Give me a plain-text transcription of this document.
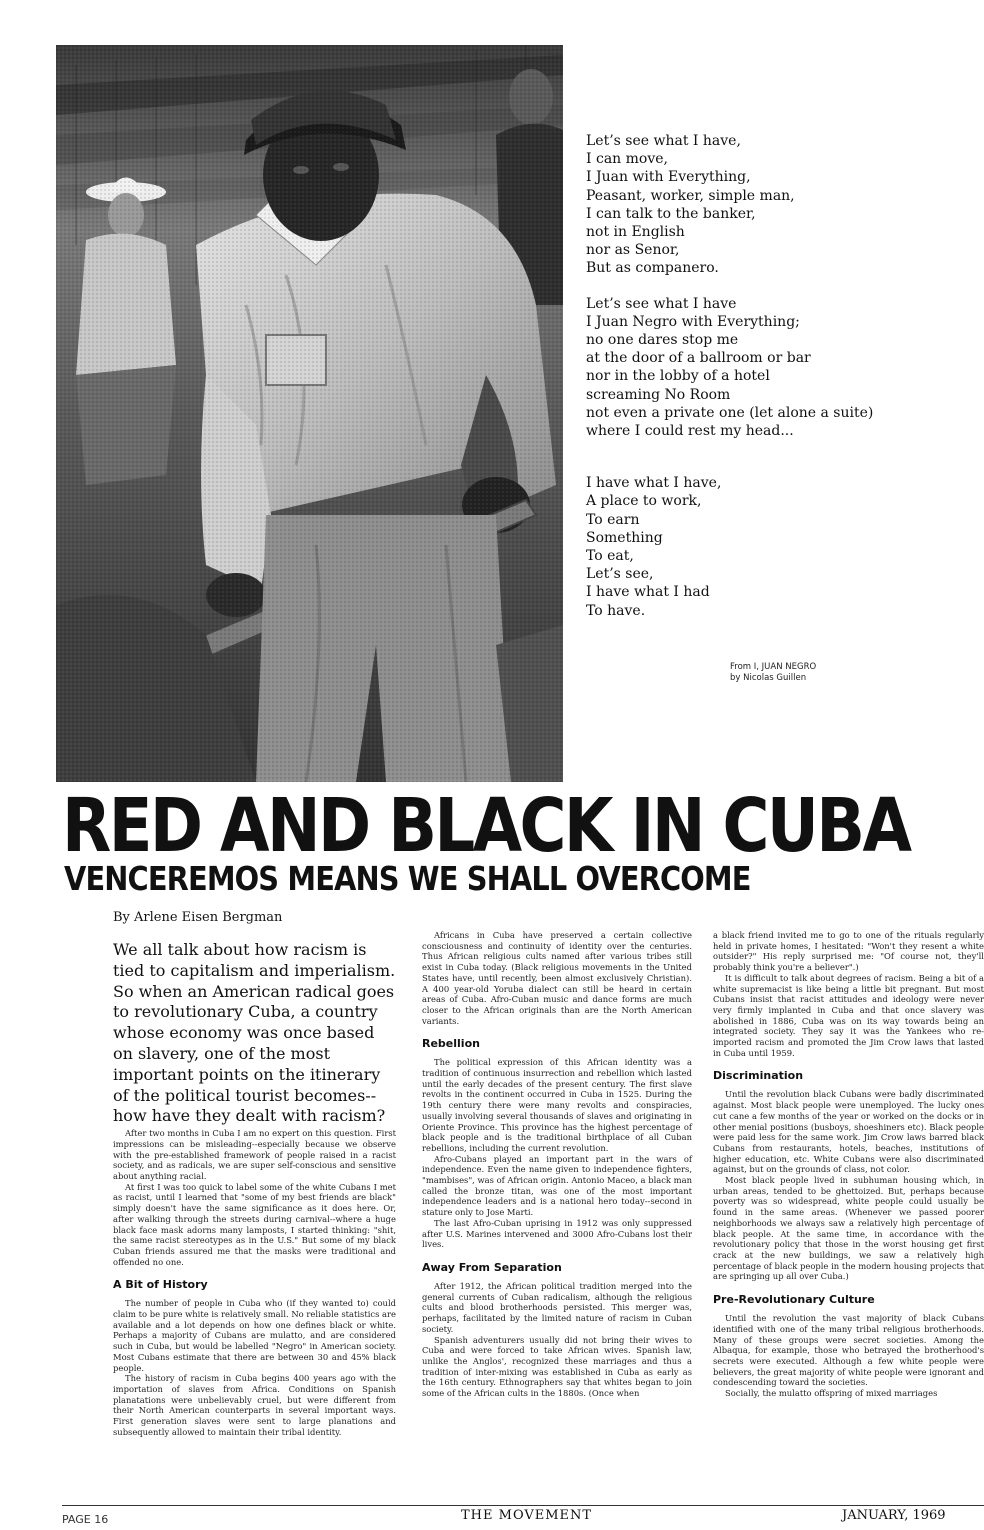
Let’s see what I have,
I can move,
I Juan with Everything,
Peasant, worker, simple man,
I can talk to the banker,
not in English
nor as Senor,
But as companero.
Let’s see what I have
I Juan Negro with Everything;
no one dares stop me
at the door of a ballroom or bar
nor in the lobby of a hotel
screaming No Room
not even a private one (let alone a suite)
where I could rest my head...
I have what I have,
A place to work,
To earn
Something
To eat,
Let’s see,
I have what I had
To have.
From I, JUAN NEGRO
by Nicolas Guillen
RED AND BLACK IN CUBA
VENCEREMOS MEANS WE SHALL OVERCOME
By Arlene Eisen Bergman
We all talk about how racism is tied to capitalism and imperialism. So when an American radical goes to revolutionary Cuba, a country whose economy was once based on slavery, one of the most important points on the itinerary of the political tourist becomes--how have they dealt with racism?

After two months in Cuba I am no expert on this question. First impressions can be misleading--especially because we observe with the pre-established framework of people raised in a racist society, and as radicals, we are super self-conscious and sensitive about anything racial.

At first I was too quick to label some of the white Cubans I met as racist, until I learned that "some of my best friends are black" simply doesn't have the same significance as it does here. Or, after walking through the streets during carnival--where a huge black face mask adorns many lamposts, I started thinking: "shit, the same racist stereotypes as in the U.S." But some of my black Cuban friends assured me that the masks were traditional and offended no one.

A Bit of History

The number of people in Cuba who (if they wanted to) could claim to be pure white is relatively small. No reliable statistics are available and a lot depends on how one defines black or white. Perhaps a majority of Cubans are mulatto, and are considered such in Cuba, but would be labelled "Negro" in American society. Most Cubans estimate that there are between 30 and 45% black people.

The history of racism in Cuba begins 400 years ago with the importation of slaves from Africa. Conditions on Spanish planatations were unbelievably cruel, but were different from their North American counterparts in several important ways. First generation slaves were sent to large planations and subsequently allowed to maintain their tribal identity.

Africans in Cuba have preserved a certain collective consciousness and continuity of identity over the centuries. Thus African religious cults named after various tribes still exist in Cuba today. (Black religious movements in the United States have, until recently, been almost exclusively Christian). A 400 year-old Yoruba dialect can still be heard in certain areas of Cuba. Afro-Cuban music and dance forms are much closer to the African originals than are the North American variants.

Rebellion

The political expression of this African identity was a tradition of continuous insurrection and rebellion which lasted until the early decades of the present century. The first slave revolts in the continent occurred in Cuba in 1525. During the 19th century there were many revolts and conspiracies, usually involving several thousands of slaves and originating in Oriente Province. This province has the highest percentage of black people and is the traditional birthplace of all Cuban rebellions, including the current revolution.

Afro-Cubans played an important part in the wars of independence. Even the name given to independence fighters, "mambises", was of African origin. Antonio Maceo, a black man called the bronze titan, was one of the most important independence leaders and is a national hero today--second in stature only to Jose Marti.

The last Afro-Cuban uprising in 1912 was only suppressed after U.S. Marines intervened and 3000 Afro-Cubans lost their lives.

Away From Separation

After 1912, the African political tradition merged into the general currents of Cuban radicalism, although the religious cults and blood brotherhoods persisted. This merger was, perhaps, facilitated by the limited nature of racism in Cuban society.

Spanish adventurers usually did not bring their wives to Cuba and were forced to take African wives. Spanish law, unlike the Anglos', recognized these marriages and thus a tradition of inter-mixing was established in Cuba as early as the 16th century. Ethnographers say that whites began to join some of the African cults in the 1880s. (Once when

a black friend invited me to go to one of the rituals regularly held in private homes, I hesitated: "Won't they resent a white outsider?" His reply surprised me: "Of course not, they'll probably think you're a believer".)

It is difficult to talk about degrees of racism. Being a bit of a white supremacist is like being a little bit pregnant. But most Cubans insist that racist attitudes and ideology were never very firmly implanted in Cuba and that once slavery was abolished in 1886, Cuba was on its way towards being an integrated society. They say it was the Yankees who re-imported racism and promoted the Jim Crow laws that lasted in Cuba until 1959.

Discrimination

Until the revolution black Cubans were badly discriminated against. Most black people were unemployed. The lucky ones cut cane a few months of the year or worked on the docks or in other menial positions (busboys, shoeshiners etc). Black people were paid less for the same work. Jim Crow laws barred black Cubans from restaurants, hotels, beaches, institutions of higher education, etc. White Cubans were also discriminated against, but on the grounds of class, not color.

Most black people lived in subhuman housing which, in urban areas, tended to be ghettoized. But, perhaps because poverty was so widespread, white people could usually be found in the same areas. (Whenever we passed poorer neighborhoods we always saw a relatively high percentage of black people. At the same time, in accordance with the revolutionary policy that those in the worst housing get first crack at the new buildings, we saw a relatively high percentage of black people in the modern housing projects that are springing up all over Cuba.)

Pre-Revolutionary Culture

Until the revolution the vast majority of black Cubans identified with one of the many tribal religious brotherhoods. Many of these groups were secret societies. Among the Albaqua, for example, those who betrayed the brotherhood's secrets were executed. Although a few white people were believers, the great majority of white people were ignorant and condescending toward the societies.

Socially, the mulatto offspring of mixed marriages

PAGE 16	THE MOVEMENT	JANUARY, 1969
